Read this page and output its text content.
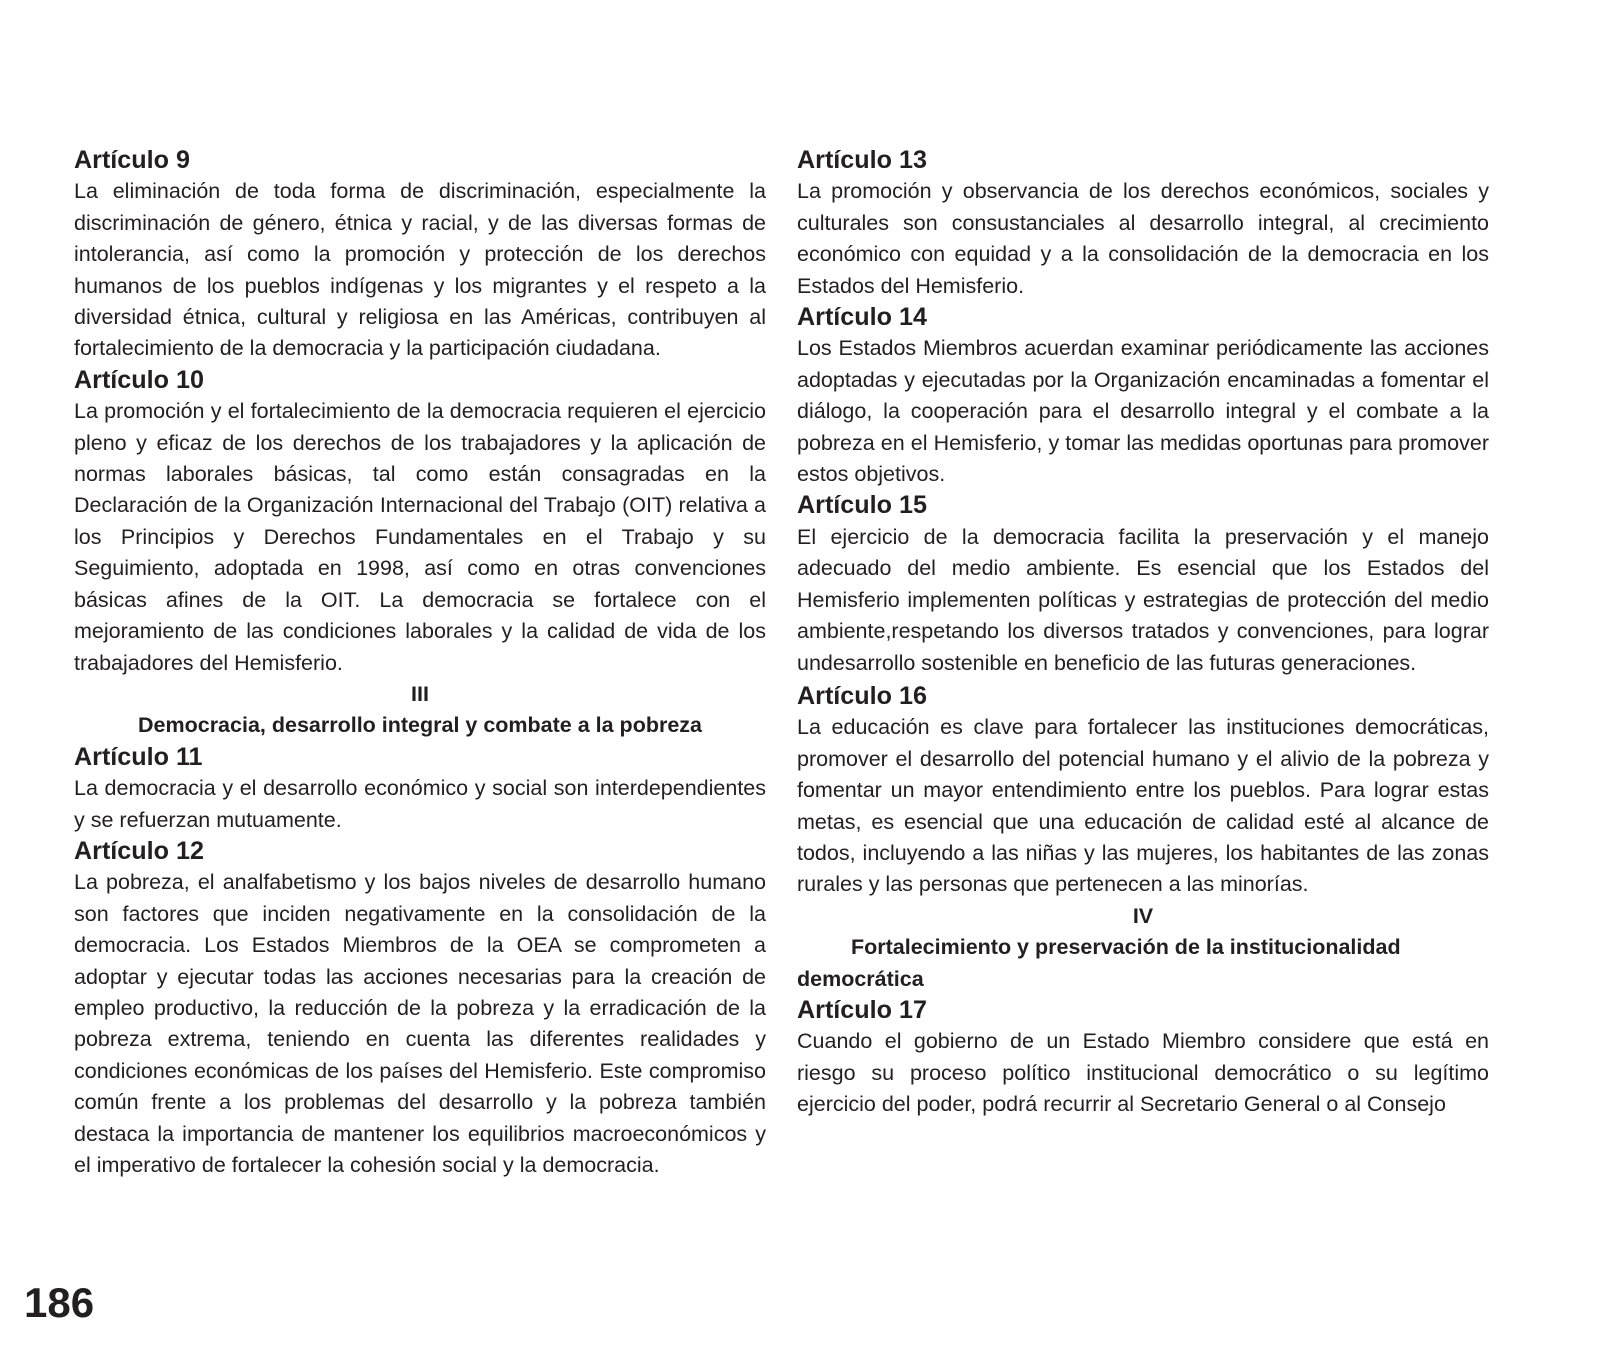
Artículo 9

La eliminación de toda forma de discriminación, especialmente la discriminación de género, étnica y racial, y de las diversas formas de intolerancia, así como la promoción y protección de los derechos humanos de los pueblos indígenas y los migrantes y el respeto a la diversidad étnica, cultural y religiosa en las Américas, contribuyen al fortalecimiento de la democracia y la participación ciudadana.

Artículo 10

La promoción y el fortalecimiento de la democracia requieren el ejercicio pleno y eficaz de los derechos de los trabajadores y la aplicación de normas laborales básicas, tal como están consagradas en la Declaración de la Organización Internacional del Trabajo (OIT) relativa a los Principios y Derechos Fundamentales en el Trabajo y su Seguimiento, adoptada en 1998, así como en otras convenciones básicas afines de la OIT. La democracia se fortalece con el mejoramiento de las condiciones laborales y la calidad de vida de los trabajadores del Hemisferio.

III

Democracia, desarrollo integral y combate a la pobreza

Artículo 11

La democracia y el desarrollo económico y social son interdependientes y se refuerzan mutuamente.

Artículo 12

La pobreza, el analfabetismo y los bajos niveles de desarrollo humano son factores que inciden negativamente en la consolidación de la democracia. Los Estados Miembros de la OEA se comprometen a adoptar y ejecutar todas las acciones necesarias para la creación de empleo productivo, la reducción de la pobreza y la erradicación de la pobreza extrema, teniendo en cuenta las diferentes realidades y condiciones económicas de los países del Hemisferio. Este compromiso común frente a los problemas del desarrollo y la pobreza también destaca la importancia de mantener los equilibrios macroeconómicos y el imperativo de fortalecer la cohesión social y la democracia.

Artículo 13

La promoción y observancia de los derechos económicos, sociales y culturales son consustanciales al desarrollo integral, al crecimiento económico con equidad y a la consolidación de la democracia en los Estados del Hemisferio.

Artículo 14

Los Estados Miembros acuerdan examinar periódicamente las acciones adoptadas y ejecutadas por la Organización encaminadas a fomentar el diálogo, la cooperación para el desarrollo integral y el combate a la pobreza en el Hemisferio, y tomar las medidas oportunas para promover estos objetivos.

Artículo 15

El ejercicio de la democracia facilita la preservación y el manejo adecuado del medio ambiente. Es esencial que los Estados del Hemisferio implementen políticas y estrategias de protección del medio ambiente,respetando los diversos tratados y convenciones, para lograr undesarrollo sostenible en beneficio de las futuras generaciones.

Artículo 16

La educación es clave para fortalecer las instituciones democráticas, promover el desarrollo del potencial humano y el alivio de la pobreza y fomentar un mayor entendimiento entre los pueblos. Para lograr estas metas, es esencial que una educación de calidad esté al alcance de todos, incluyendo a las niñas y las mujeres, los habitantes de las zonas rurales y las personas que pertenecen a las minorías.

IV

Fortalecimiento y preservación de la institucionalidad
democrática
Artículo 17

Cuando el gobierno de un Estado Miembro considere que está en riesgo su proceso político institucional democrático o su legítimo ejercicio del poder, podrá recurrir al Secretario General o al Consejo

186
